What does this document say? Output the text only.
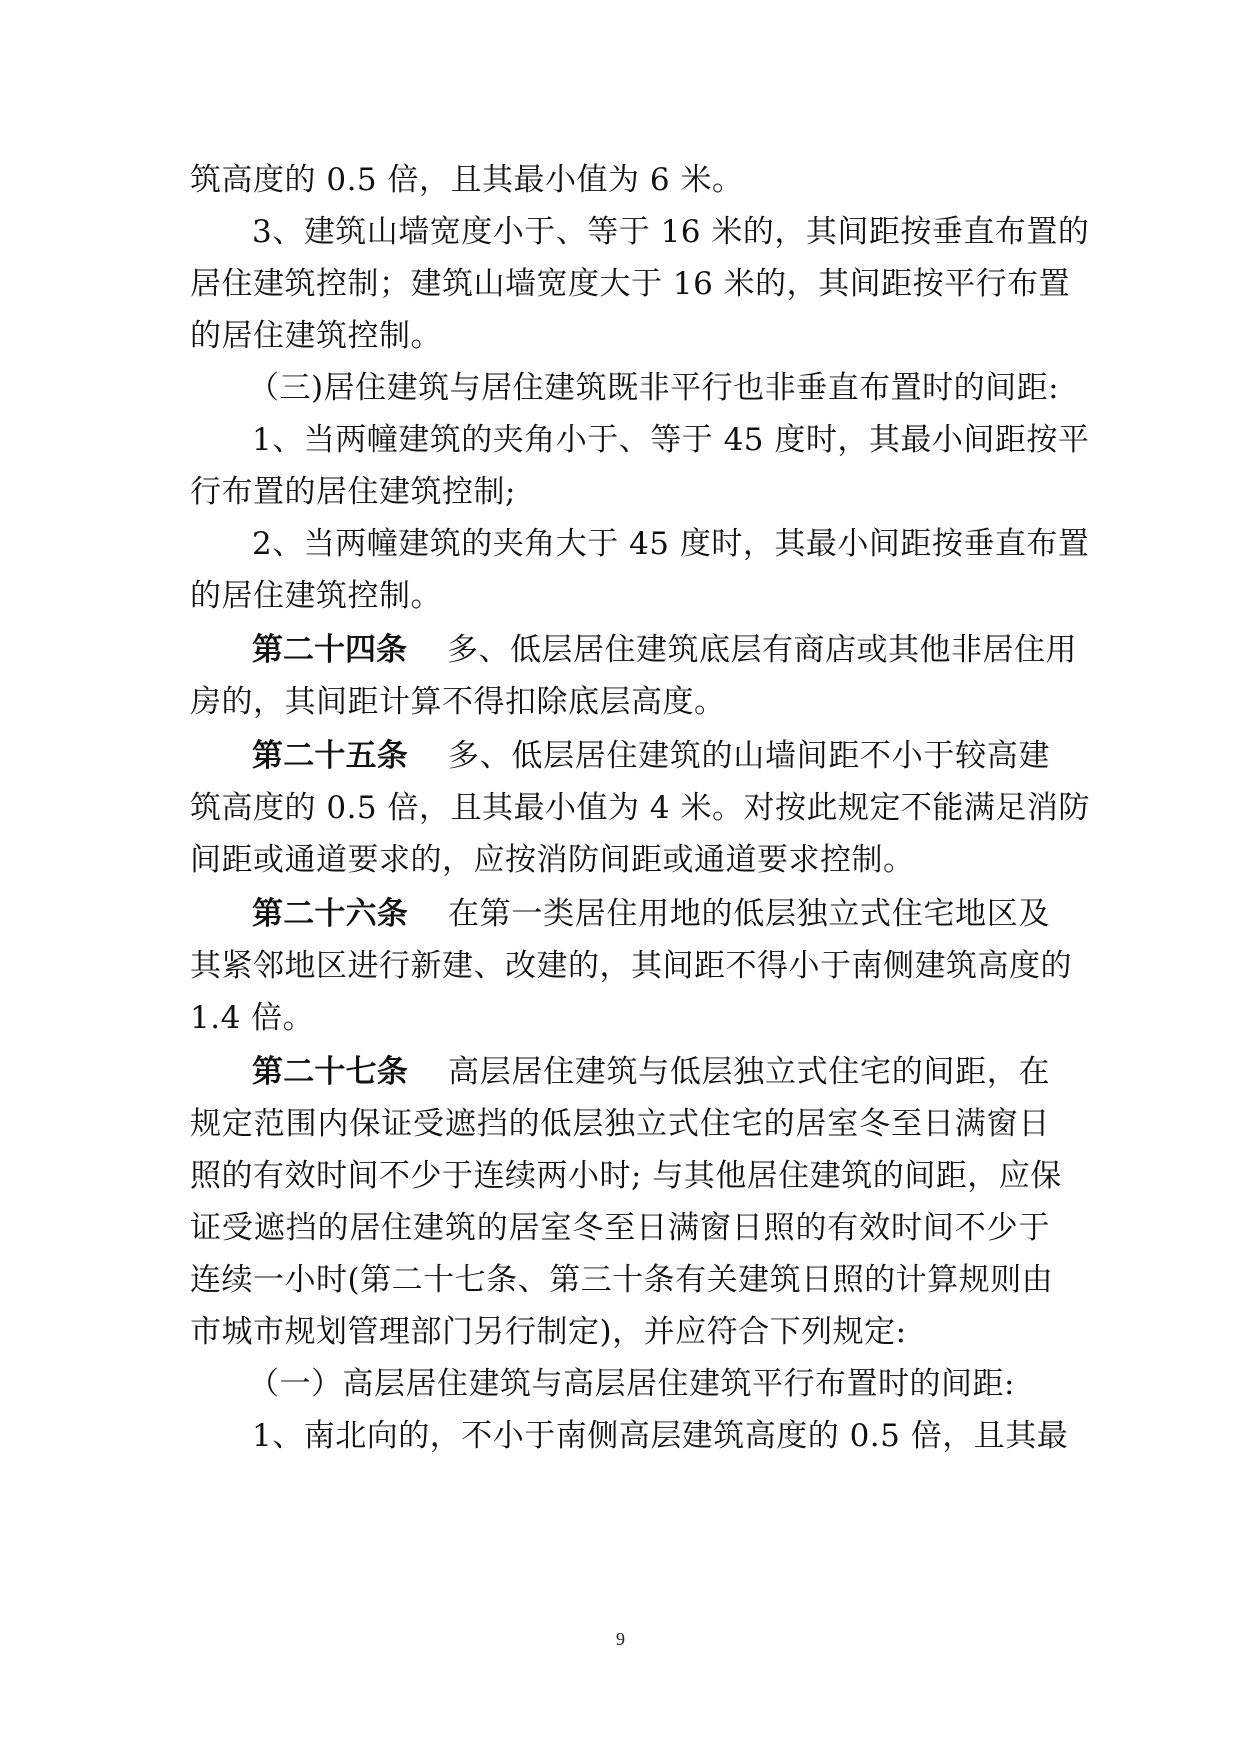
筑高度的 0.5 倍，且其最小值为 6 米。
3、建筑山墙宽度小于、等于 16 米的，其间距按垂直布置的
居住建筑控制；建筑山墙宽度大于 16 米的，其间距按平行布置
的居住建筑控制。
（三)居住建筑与居住建筑既非平行也非垂直布置时的间距:
1、当两幢建筑的夹角小于、等于 45 度时，其最小间距按平
行布置的居住建筑控制;
2、当两幢建筑的夹角大于 45 度时，其最小间距按垂直布置
的居住建筑控制。
第二十四条 多、低层居住建筑底层有商店或其他非居住用
房的，其间距计算不得扣除底层高度。
第二十五条 多、低层居住建筑的山墙间距不小于较高建
筑高度的 0.5 倍，且其最小值为 4 米。对按此规定不能满足消防
间距或通道要求的，应按消防间距或通道要求控制。
第二十六条 在第一类居住用地的低层独立式住宅地区及
其紧邻地区进行新建、改建的，其间距不得小于南侧建筑高度的
1.4 倍。
第二十七条 高层居住建筑与低层独立式住宅的间距，在
规定范围内保证受遮挡的低层独立式住宅的居室冬至日满窗日
照的有效时间不少于连续两小时; 与其他居住建筑的间距，应保
证受遮挡的居住建筑的居室冬至日满窗日照的有效时间不少于
连续一小时(第二十七条、第三十条有关建筑日照的计算规则由
市城市规划管理部门另行制定)，并应符合下列规定:
（一）高层居住建筑与高层居住建筑平行布置时的间距:
1、南北向的，不小于南侧高层建筑高度的 0.5 倍，且其最
9
